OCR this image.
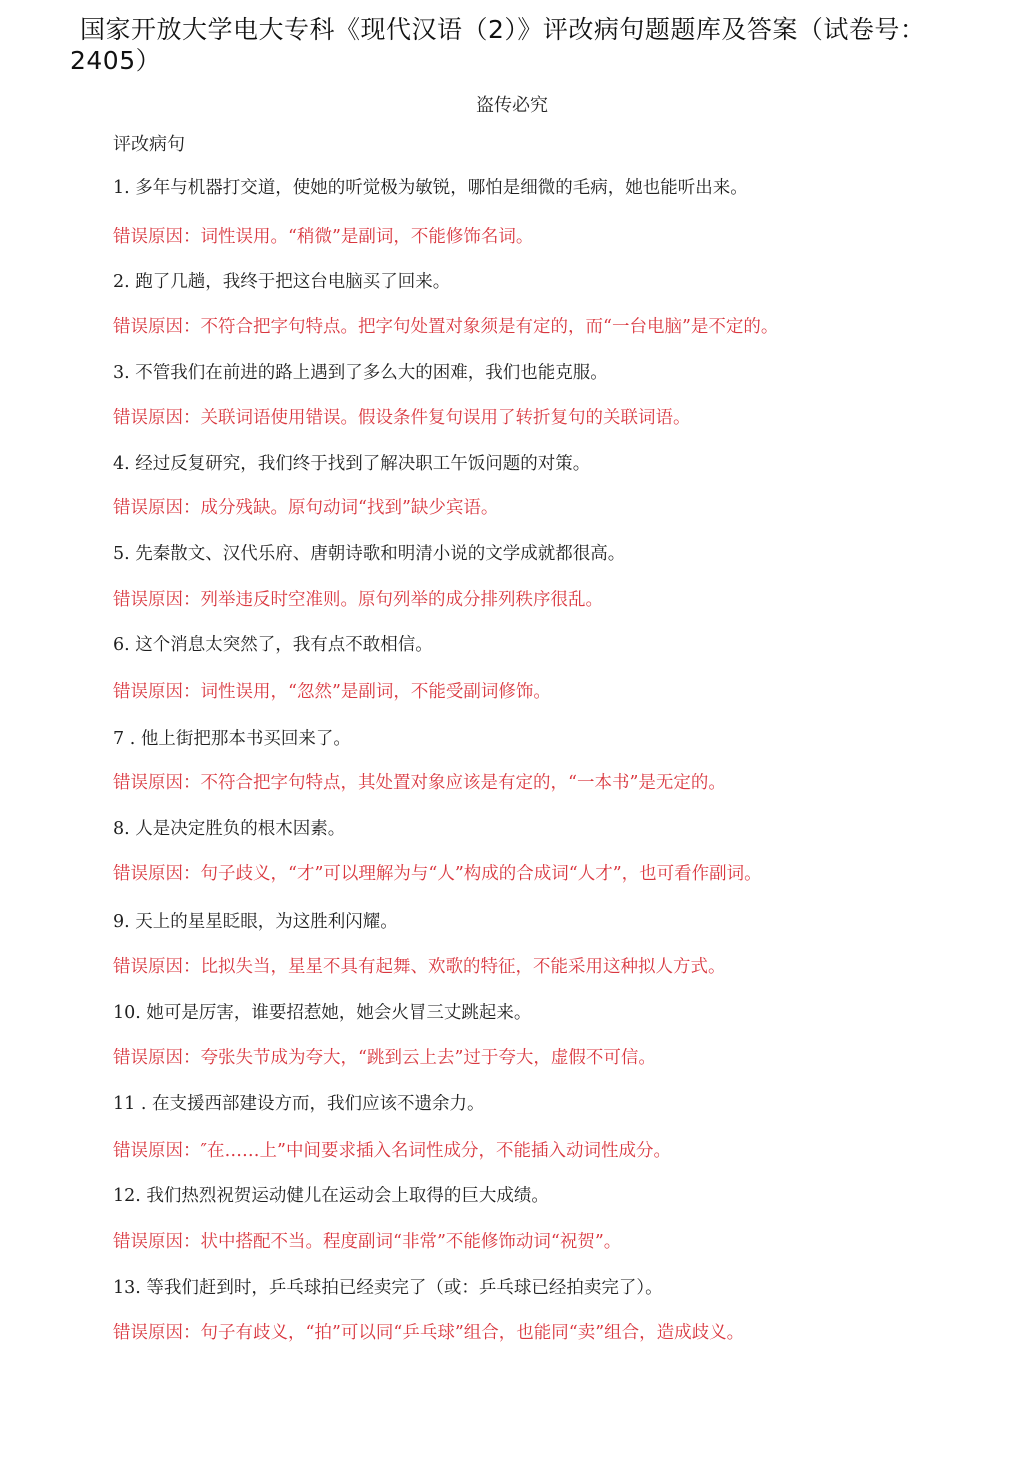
国家开放大学电大专科《现代汉语（2）》评改病句题题库及答案（试卷号：
2405）
盗传必究
评改病句
1. 多年与机器打交道，使她的听觉极为敏锐，哪怕是细微的毛病，她也能听出来。
错误原因：词性误用。“稍微”是副词，不能修饰名词。
2. 跑了几趟，我终于把这台电脑买了回来。
错误原因：不符合把字句特点。把字句处置对象须是有定的，而“一台电脑”是不定的。
3. 不管我们在前进的路上遇到了多么大的困难，我们也能克服。
错误原因：关联词语使用错误。假设条件复句误用了转折复句的关联词语。
4. 经过反复研究，我们终于找到了解决职工午饭问题的对策。
错误原因：成分残缺。原句动词“找到”缺少宾语。
5. 先秦散文、汉代乐府、唐朝诗歌和明清小说的文学成就都很高。
错误原因：列举违反时空准则。原句列举的成分排列秩序很乱。
6. 这个消息太突然了，我有点不敢相信。
错误原因：词性误用，“忽然”是副词，不能受副词修饰。
7 . 他上街把那本书买回来了。
错误原因：不符合把字句特点，其处置对象应该是有定的，“一本书”是无定的。
8. 人是决定胜负的根木因素。
错误原因：句子歧义，“才”可以理解为与“人”构成的合成词“人才”，也可看作副词。
9. 天上的星星眨眼，为这胜利闪耀。
错误原因：比拟失当，星星不具有起舞、欢歌的特征，不能采用这种拟人方式。
10. 她可是厉害，谁要招惹她，她会火冒三丈跳起来。
错误原因：夸张失节成为夸大，“跳到云上去”过于夸大，虚假不可信。
11 . 在支援西部建设方而，我们应该不遗余力。
错误原因：″在……上”中间要求插入名词性成分，不能插入动词性成分。
12. 我们热烈祝贺运动健儿在运动会上取得的巨大成绩。
错误原因：状中搭配不当。程度副词“非常”不能修饰动词“祝贺”。
13. 等我们赶到时，乒乓球拍已经卖完了（或：乒乓球已经拍卖完了）。
错误原因：句子有歧义，“拍”可以同“乒乓球”组合，也能同“卖”组合，造成歧义。
